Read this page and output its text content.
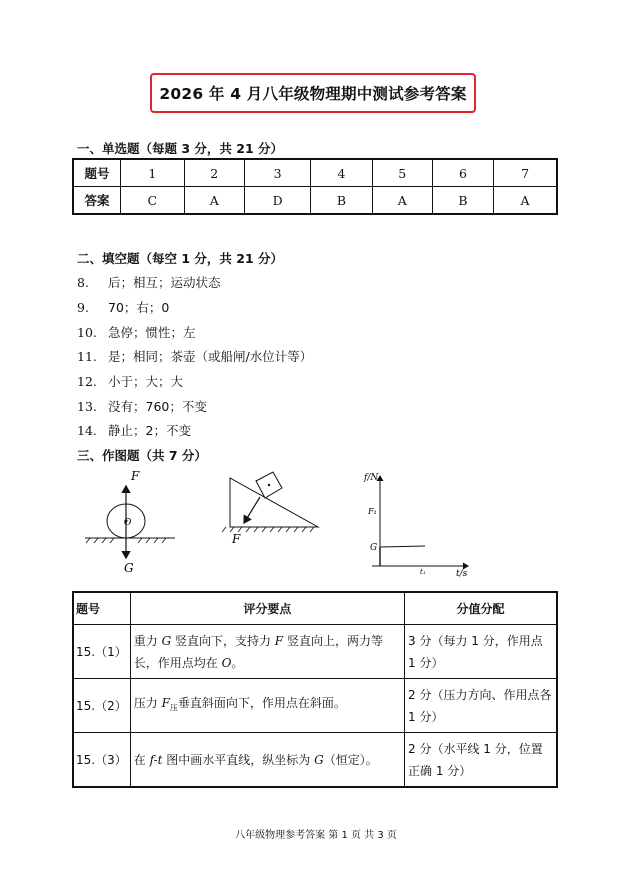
2026 年 4 月八年级物理期中测试参考答案
一、单选题（每题 3 分，共 21 分）
题号	1	2	3	4	5	6	7
答案	C	A	D	B	A	B	A
二、填空题（每空 1 分，共 21 分）
8. 后；相互；运动状态
9. 70；右；0
10. 急停；惯性；左
11. 是；相同；茶壶（或船闸/水位计等）
12. 小于；大；大
13. 没有；760；不变
14. 静止；2；不变
三、作图题（共 7 分）
F
O
G
F
f/N
t/s
F₁
G
t₁
题号	评分要点	分值分配
15.（1）	重力 G 竖直向下，支持力 F 竖直向上，两力等长，作用点均在 O。	3 分（每力 1 分，作用点 1 分）
15.（2）	压力 $F_压$垂直斜面向下，作用点在斜面。	2 分（压力方向、作用点各 1 分）
15.（3）	在 f-t 图中画水平直线，纵坐标为 G（恒定）。	2 分（水平线 1 分，位置正确 1 分）
八年级物理参考答案 第 1 页 共 3 页
